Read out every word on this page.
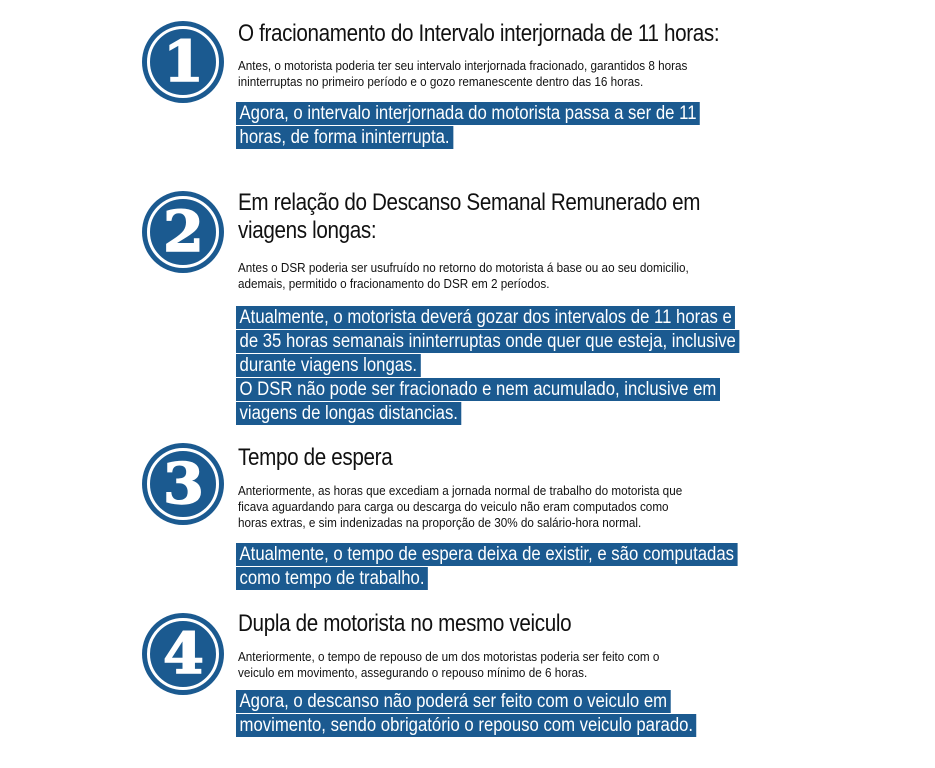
1 O fracionamento do Intervalo interjornada de 11 horas:
Antes, o motorista poderia ter seu intervalo interjornada fracionado, garantidos 8 horas
ininterruptas no primeiro período e o gozo remanescente dentro das 16 horas.
Agora, o intervalo interjornada do motorista passa a ser de 11
horas, de forma ininterrupta.
2 Em relação do Descanso Semanal Remunerado em
viagens longas:
Antes o DSR poderia ser usufruído no retorno do motorista á base ou ao seu domicilio,
ademais, permitido o fracionamento do DSR em 2 períodos.
Atualmente, o motorista deverá gozar dos intervalos de 11 horas e
de 35 horas semanais ininterruptas onde quer que esteja, inclusive
durante viagens longas.
O DSR não pode ser fracionado e nem acumulado, inclusive em
viagens de longas distancias.
3 Tempo de espera
Anteriormente, as horas que excediam a jornada normal de trabalho do motorista que
ficava aguardando para carga ou descarga do veiculo não eram computados como
horas extras, e sim indenizadas na proporção de 30% do salário-hora normal.
Atualmente, o tempo de espera deixa de existir, e são computadas
como tempo de trabalho.
4 Dupla de motorista no mesmo veiculo
Anteriormente, o tempo de repouso de um dos motoristas poderia ser feito com o
veiculo em movimento, assegurando o repouso mínimo de 6 horas.
Agora, o descanso não poderá ser feito com o veiculo em
movimento, sendo obrigatório o repouso com veiculo parado.
